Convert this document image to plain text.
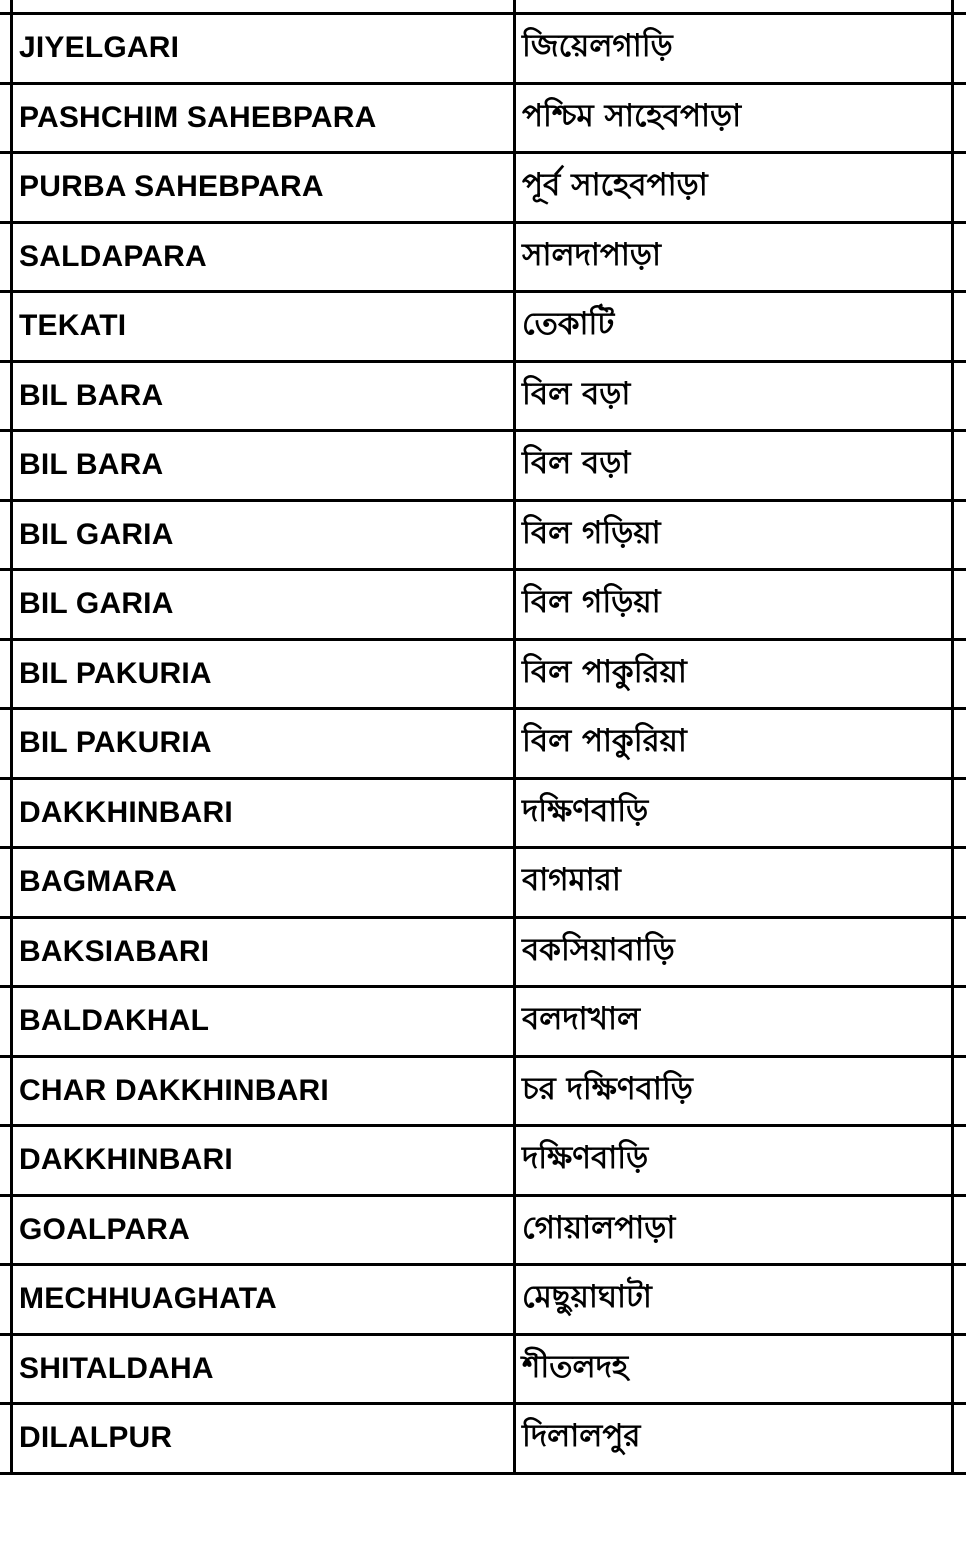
JIYELGARI	জিয়েলগাড়ি
PASHCHIM SAHEBPARA	পশ্চিম সাহেবপাড়া
PURBA SAHEBPARA	পূর্ব সাহেবপাড়া
SALDAPARA	সালদাপাড়া
TEKATI	তেকাটি
BIL BARA	বিল বড়া
BIL BARA	বিল বড়া
BIL GARIA	বিল গড়িয়া
BIL GARIA	বিল গড়িয়া
BIL PAKURIA	বিল পাকুরিয়া
BIL PAKURIA	বিল পাকুরিয়া
DAKKHINBARI	দক্ষিণবাড়ি
BAGMARA	বাগমারা
BAKSIABARI	বকসিয়াবাড়ি
BALDAKHAL	বলদাখাল
CHAR DAKKHINBARI	চর দক্ষিণবাড়ি
DAKKHINBARI	দক্ষিণবাড়ি
GOALPARA	গোয়ালপাড়া
MECHHUAGHATA	মেছুয়াঘাটা
SHITALDAHA	শীতলদহ
DILALPUR	দিলালপুর
